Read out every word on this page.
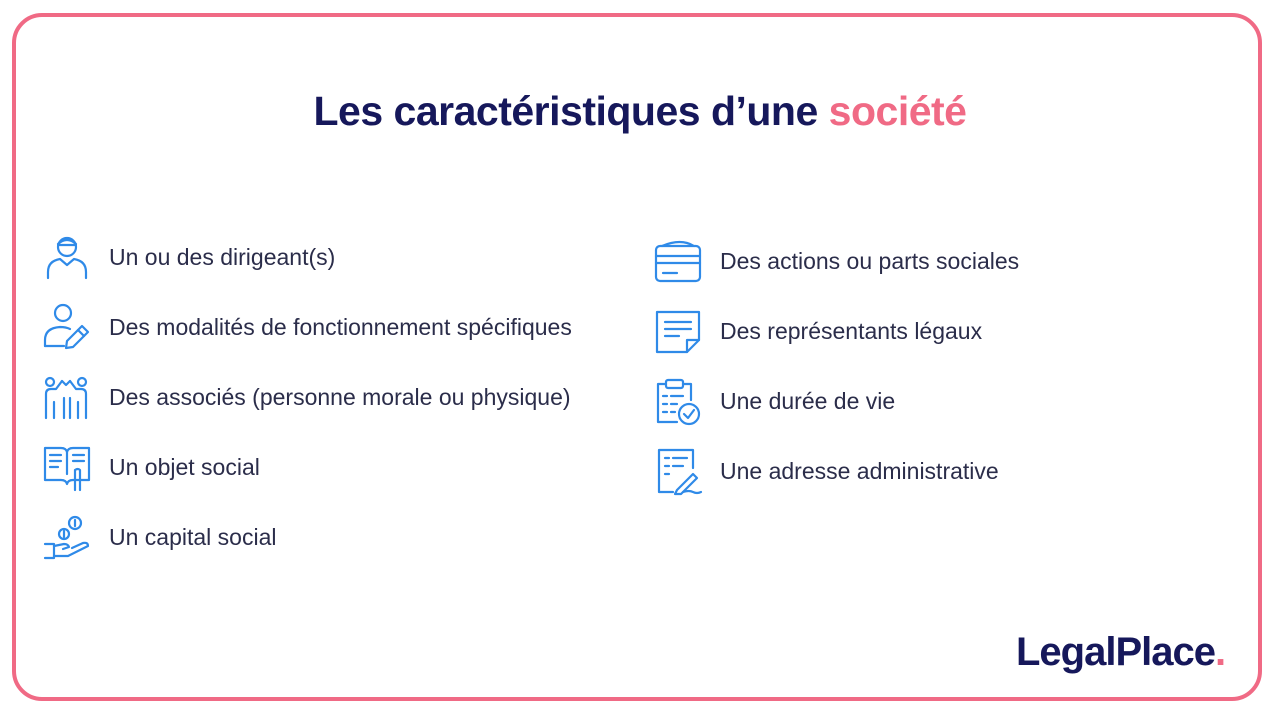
Les caractéristiques d’une société
Un ou des dirigeant(s)
Des modalités de fonctionnement spécifiques
Des associés (personne morale ou physique)
Un objet social
Un capital social
Des actions ou parts sociales
Des représentants légaux
Une durée de vie
Une adresse administrative
LegalPlace.
